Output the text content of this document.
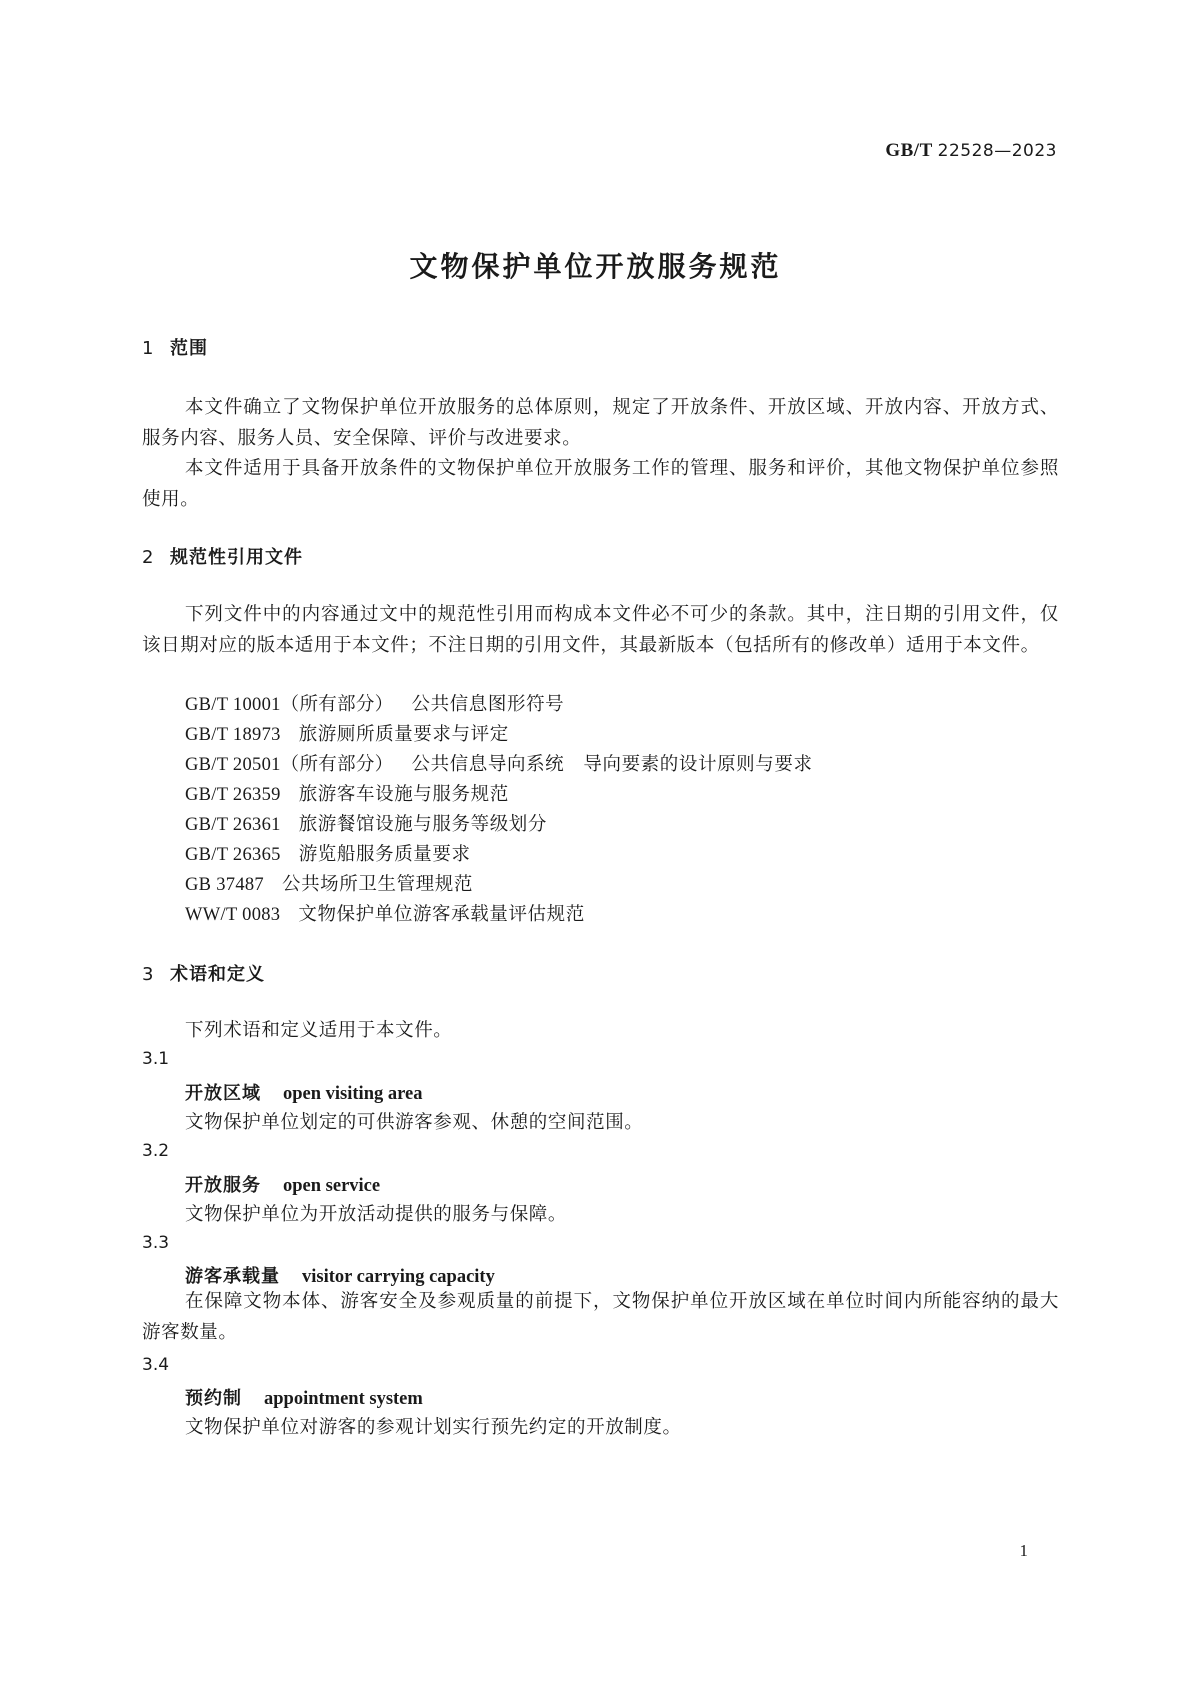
GB/T 22528—2023
文物保护单位开放服务规范
1 范围
本文件确立了文物保护单位开放服务的总体原则，规定了开放条件、开放区域、开放内容、开放方式、服务内容、服务人员、安全保障、评价与改进要求。
本文件适用于具备开放条件的文物保护单位开放服务工作的管理、服务和评价，其他文物保护单位参照使用。
2 规范性引用文件
下列文件中的内容通过文中的规范性引用而构成本文件必不可少的条款。其中，注日期的引用文件，仅该日期对应的版本适用于本文件；不注日期的引用文件，其最新版本（包括所有的修改单）适用于本文件。
GB/T 10001（所有部分） 公共信息图形符号
GB/T 18973 旅游厕所质量要求与评定
GB/T 20501（所有部分） 公共信息导向系统　导向要素的设计原则与要求
GB/T 26359 旅游客车设施与服务规范
GB/T 26361 旅游餐馆设施与服务等级划分
GB/T 26365 游览船服务质量要求
GB 37487 公共场所卫生管理规范
WW/T 0083 文物保护单位游客承载量评估规范
3 术语和定义
下列术语和定义适用于本文件。
3.1
开放区域 open visiting area
文物保护单位划定的可供游客参观、休憩的空间范围。
3.2
开放服务 open service
文物保护单位为开放活动提供的服务与保障。
3.3
游客承载量 visitor carrying capacity
在保障文物本体、游客安全及参观质量的前提下，文物保护单位开放区域在单位时间内所能容纳的最大游客数量。
3.4
预约制 appointment system
文物保护单位对游客的参观计划实行预先约定的开放制度。
1
